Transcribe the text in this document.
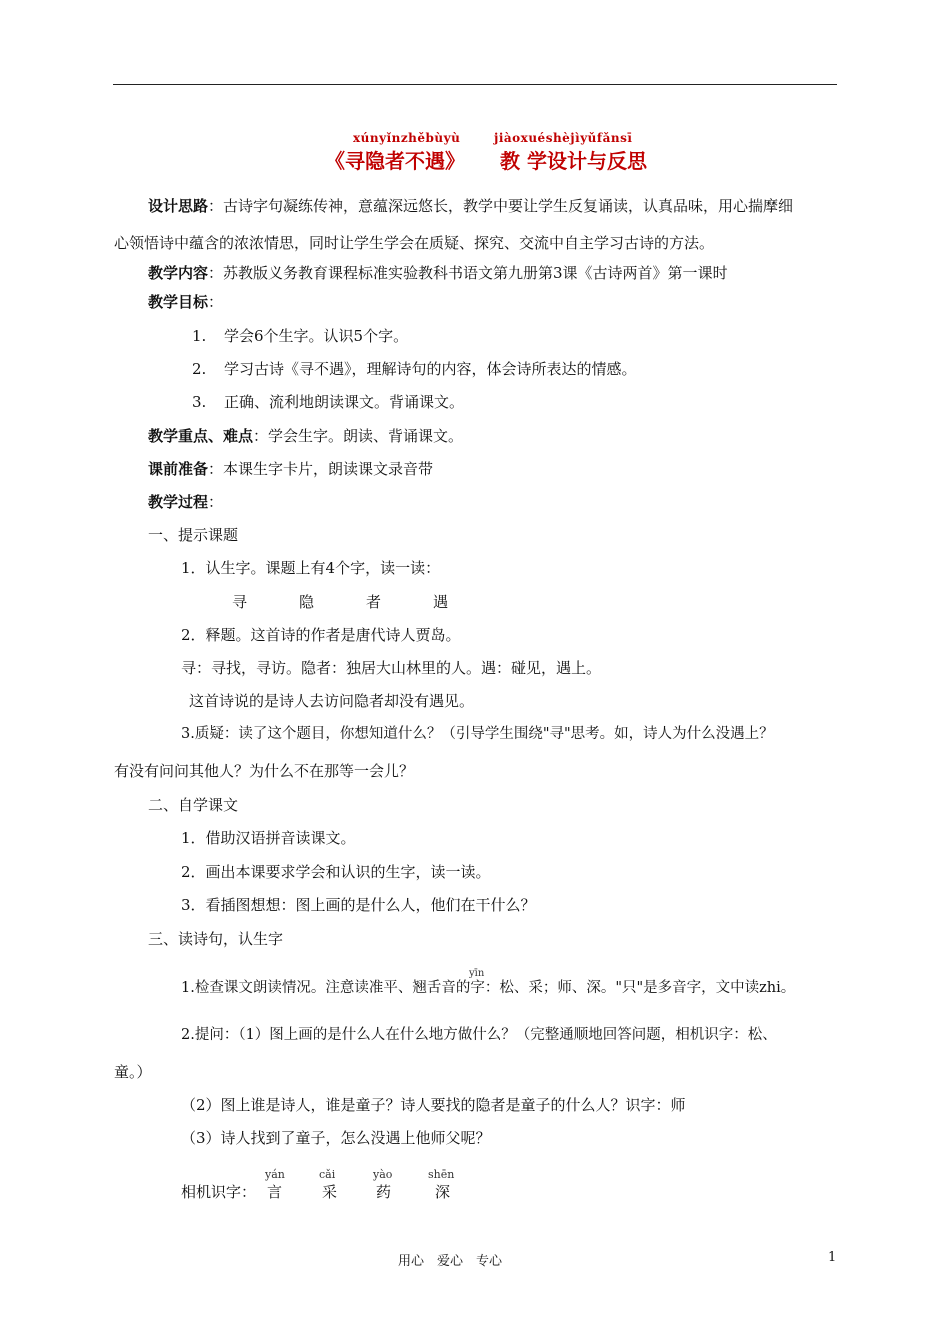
xúnyǐnzhěbùyù	jiàoxuéshèjìyǔfǎnsī
《寻隐者不遇》 教 学设计与反思
设计思路：古诗字句凝练传神，意蕴深远悠长，教学中要让学生反复诵读，认真品味，用心揣摩细
心领悟诗中蕴含的浓浓情思，同时让学生学会在质疑、探究、交流中自主学习古诗的方法。
教学内容：苏教版义务教育课程标准实验教科书语文第九册第3课《古诗两首》第一课时
教学目标：
1. 学会6个生字。认识5个字。
2. 学习古诗《寻不遇》，理解诗句的内容，体会诗所表达的情感。
3. 正确、流利地朗读课文。背诵课文。
教学重点、难点：学会生字。朗读、背诵课文。
课前准备：本课生字卡片，朗读课文录音带
教学过程：
一、提示课题
1．认生字。课题上有4个字，读一读：
寻	隐	者	遇
2．释题。这首诗的作者是唐代诗人贾岛。
寻：寻找，寻访。隐者：独居大山林里的人。遇：碰见，遇上。
这首诗说的是诗人去访问隐者却没有遇见。
3.质疑：读了这个题目，你想知道什么？（引导学生围绕"寻"思考。如，诗人为什么没遇上？
有没有问问其他人？为什么不在那等一会儿？
二、自学课文
1．借助汉语拼音读课文。
2．画出本课要求学会和认识的生字，读一读。
3．看插图想想：图上画的是什么人，他们在干什么？
三、读诗句，认生字
yīn
1.检查课文朗读情况。注意读准平、翘舌音的字：松、采；师、深。"只"是多音字，文中读zhi。
2.提问：（1）图上画的是什么人在什么地方做什么？（完整通顺地回答问题，相机识字：松、
童。）
（2）图上谁是诗人，谁是童子？诗人要找的隐者是童子的什么人？识字：师
（3）诗人找到了童子，怎么没遇上他师父呢？
相机识字：
yán
言
cǎi
采
yào
药
shēn
深
用心　爱心　专心	1
